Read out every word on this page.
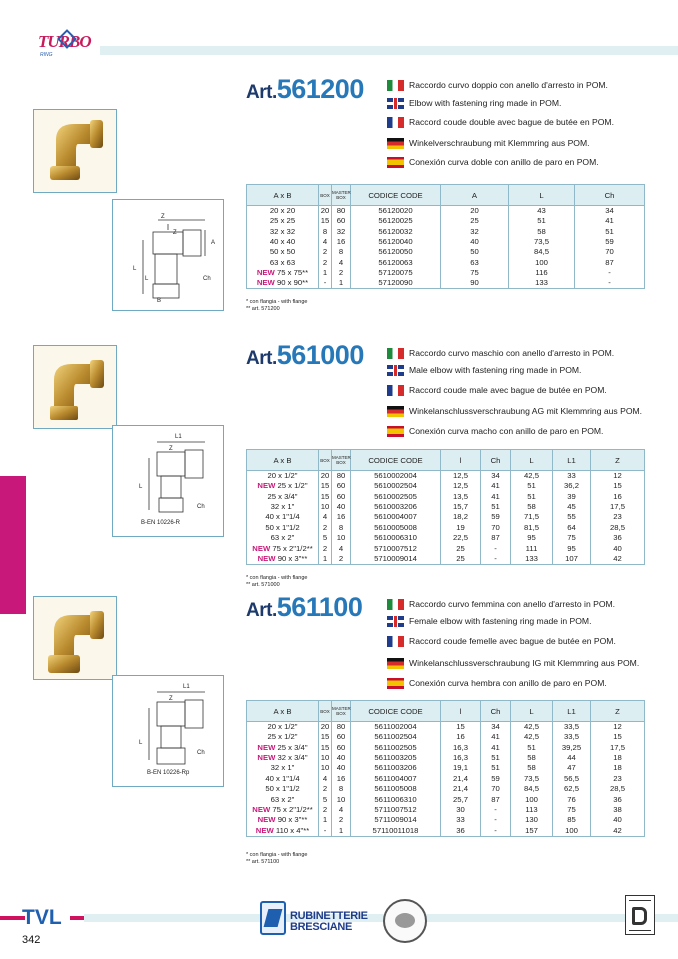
TURBO
RING
Z
Z
A
L
L	Ch
B
Art.561200	Raccordo curvo doppio con anello d'arresto in POM.
Elbow with fastening ring made in POM.
Raccord coude double avec bague de butée en POM.
Winkelverschraubung mit Klemmring aus POM.
Conexión curva doble con anillo de paro en POM.
A x B	BOX	MASTER BOX	CODICE CODE	A	L	Ch
20 x 20	20	80	56120020	20	43	34
25 x 25	15	60	56120025	25	51	41
32 x 32	8	32	56120032	32	58	51
40 x 40	4	16	56120040	40	73,5	59
50 x 50	2	8	56120050	50	84,5	70
63 x 63	2	4	56120063	63	100	87
NEW 75 x 75**	1	2	57120075	75	116	-
NEW 90 x 90**	-	1	57120090	90	133	-
* con flangia - with flange
** art. 571200
L1
Z
L
Ch
B-EN 10226-R
Art.561000	Raccordo curvo maschio con anello d'arresto in POM.
Male elbow with fastening ring made in POM.
Raccord coude male avec bague de butée en POM.
Winkelanschlussverschraubung AG mit Klemmring aus POM.
Conexión curva macho con anillo de paro en POM.
A x B	BOX	MASTER BOX	CODICE CODE	l	Ch	L	L1	Z
20 x 1/2"	20	80	5610002004	12,5	34	42,5	33	12
NEW 25 x 1/2"	15	60	5610002504	12,5	41	51	36,2	15
25 x 3/4"	15	60	5610002505	13,5	41	51	39	16
32 x 1"	10	40	5610003206	15,7	51	58	45	17,5
40 x 1"1/4	4	16	5610004007	18,2	59	71,5	55	23
50 x 1"1/2	2	8	5610005008	19	70	81,5	64	28,5
63 x 2"	5	10	5610006310	22,5	87	95	75	36
NEW 75 x 2"1/2**	2	4	5710007512	25	-	111	95	40
NEW 90 x 3"**	1	2	5710009014	25	-	133	107	42
* con flangia - with flange
** art. 571000
L1
Z
L
Ch
B-EN 10226-Rp
Art.561100	Raccordo curvo femmina con anello d'arresto in POM.
Female elbow with fastening ring made in POM.
Raccord coude femelle avec bague de butée en POM.
Winkelanschlussverschraubung IG mit Klemmring aus POM.
Conexión curva hembra con anillo de paro en POM.
A x B	BOX	MASTER BOX	CODICE CODE	l	Ch	L	L1	Z
20 x 1/2"	20	80	5611002004	15	34	42,5	33,5	12
25 x 1/2"	15	60	5611002504	16	41	42,5	33,5	15
NEW 25 x 3/4"	15	60	5611002505	16,3	41	51	39,25	17,5
NEW 32 x 3/4"	10	40	5611003205	16,3	51	58	44	18
32 x 1"	10	40	5611003206	19,1	51	58	47	18
40 x 1"1/4	4	16	5611004007	21,4	59	73,5	56,5	23
50 x 1"1/2	2	8	5611005008	21,4	70	84,5	62,5	28,5
63 x 2"	5	10	5611006310	25,7	87	100	76	36
NEW 75 x 2"1/2**	2	4	5711007512	30	-	113	75	38
NEW 90 x 3"**	1	2	5711009014	33	-	130	85	40
NEW 110 x 4"**	-	1	57110011018	36	-	157	100	42
* con flangia - with flange
** art. 571100
TVL
342
RUBINETTERIE
BRESCIANE
